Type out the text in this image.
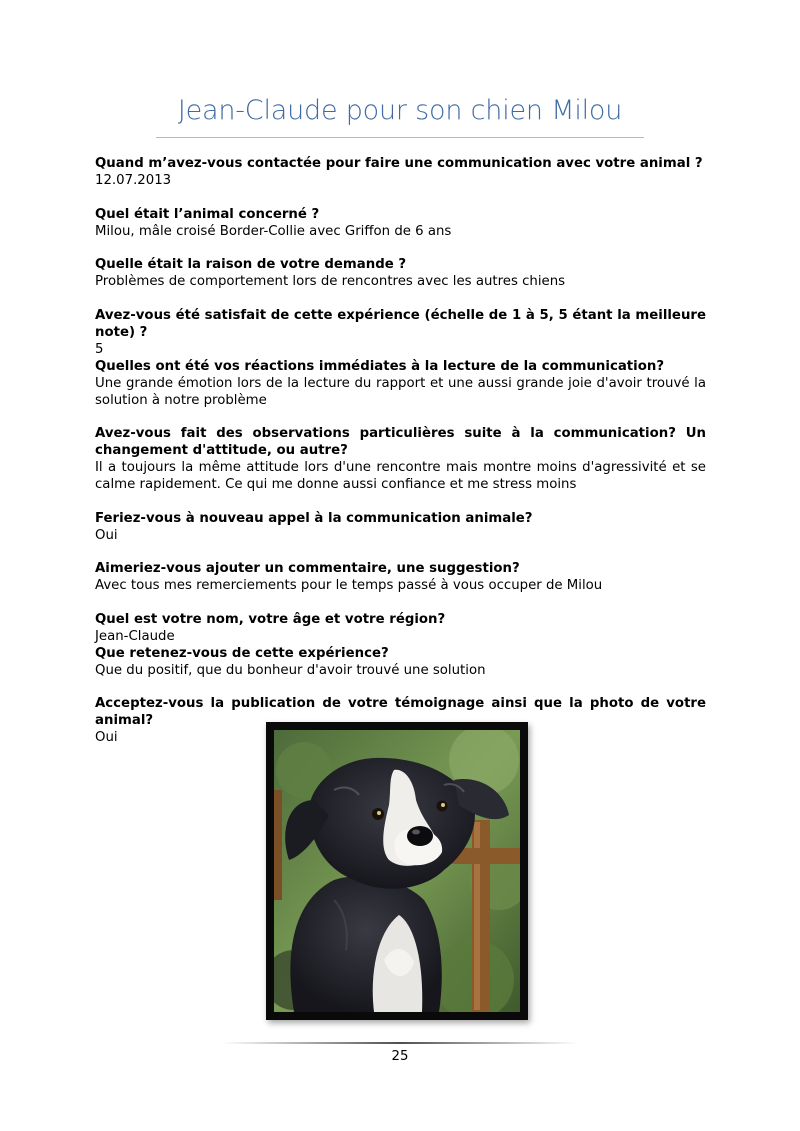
Jean-Claude pour son chien Milou
Quand m’avez-vous contactée pour faire une communication avec votre animal ?
12.07.2013
Quel était l’animal concerné ?
Milou, mâle croisé Border-Collie avec Griffon de 6 ans
Quelle était la raison de votre demande ?
Problèmes de comportement lors de rencontres avec les autres chiens
Avez-vous été satisfait de cette expérience (échelle de 1 à 5, 5 étant la meilleure note) ?
5
Quelles ont été vos réactions immédiates à la lecture de la communication?
Une grande émotion lors de la lecture du rapport et une aussi grande joie d'avoir trouvé la solution à notre problème
Avez-vous fait des observations particulières suite à la communication? Un changement d'attitude, ou autre?
Il a toujours la même attitude lors d'une rencontre mais montre moins d'agressivité et se calme rapidement. Ce qui me donne aussi confiance et me stress moins
Feriez-vous à nouveau appel à la communication animale?
Oui
Aimeriez-vous ajouter un commentaire, une suggestion?
Avec tous mes remerciements pour le temps passé à vous occuper de Milou
Quel est votre nom, votre âge et votre région?
Jean-Claude
Que retenez-vous de cette expérience?
Que du positif, que du bonheur d'avoir trouvé une solution
Acceptez-vous la publication de votre témoignage ainsi que la photo de votre animal?
Oui
25
